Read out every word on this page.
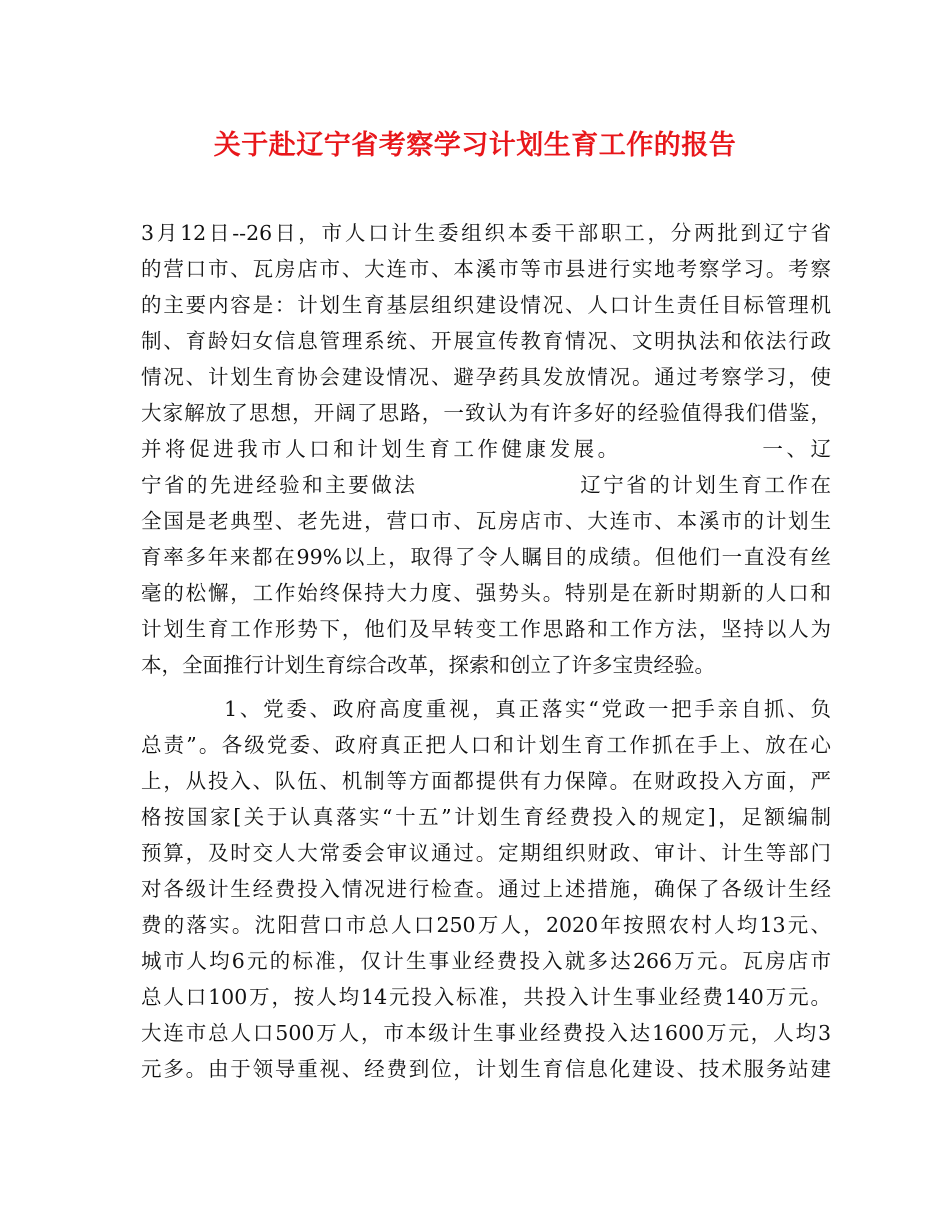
关于赴辽宁省考察学习计划生育工作的报告
3月12日--26日，市人口计生委组织本委干部职工，分两批到辽宁省
的营口市、瓦房店市、大连市、本溪市等市县进行实地考察学习。考察
的主要内容是：计划生育基层组织建设情况、人口计生责任目标管理机
制、育龄妇女信息管理系统、开展宣传教育情况、文明执法和依法行政
情况、计划生育协会建设情况、避孕药具发放情况。通过考察学习，使
大家解放了思想，开阔了思路，一致认为有许多好的经验值得我们借鉴，
并将促进我市人口和计划生育工作健康发展。              一、辽
宁省的先进经验和主要做法                  辽宁省的计划生育工作在
全国是老典型、老先进，营口市、瓦房店市、大连市、本溪市的计划生
育率多年来都在99%以上，取得了令人瞩目的成绩。但他们一直没有丝
毫的松懈，工作始终保持大力度、强势头。特别是在新时期新的人口和
计划生育工作形势下，他们及早转变工作思路和工作方法，坚持以人为
本，全面推行计划生育综合改革，探索和创立了许多宝贵经验。
1、党委、政府高度重视，真正落实“党政一把手亲自抓、负
总责”。各级党委、政府真正把人口和计划生育工作抓在手上、放在心
上，从投入、队伍、机制等方面都提供有力保障。在财政投入方面，严
格按国家[关于认真落实“十五”计划生育经费投入的规定]，足额编制
预算，及时交人大常委会审议通过。定期组织财政、审计、计生等部门
对各级计生经费投入情况进行检查。通过上述措施，确保了各级计生经
费的落实。沈阳营口市总人口250万人，2020年按照农村人均13元、
城市人均6元的标准，仅计生事业经费投入就多达266万元。瓦房店市
总人口100万，按人均14元投入标准，共投入计生事业经费140万元。
大连市总人口500万人，市本级计生事业经费投入达1600万元，人均3
元多。由于领导重视、经费到位，计划生育信息化建设、技术服务站建
